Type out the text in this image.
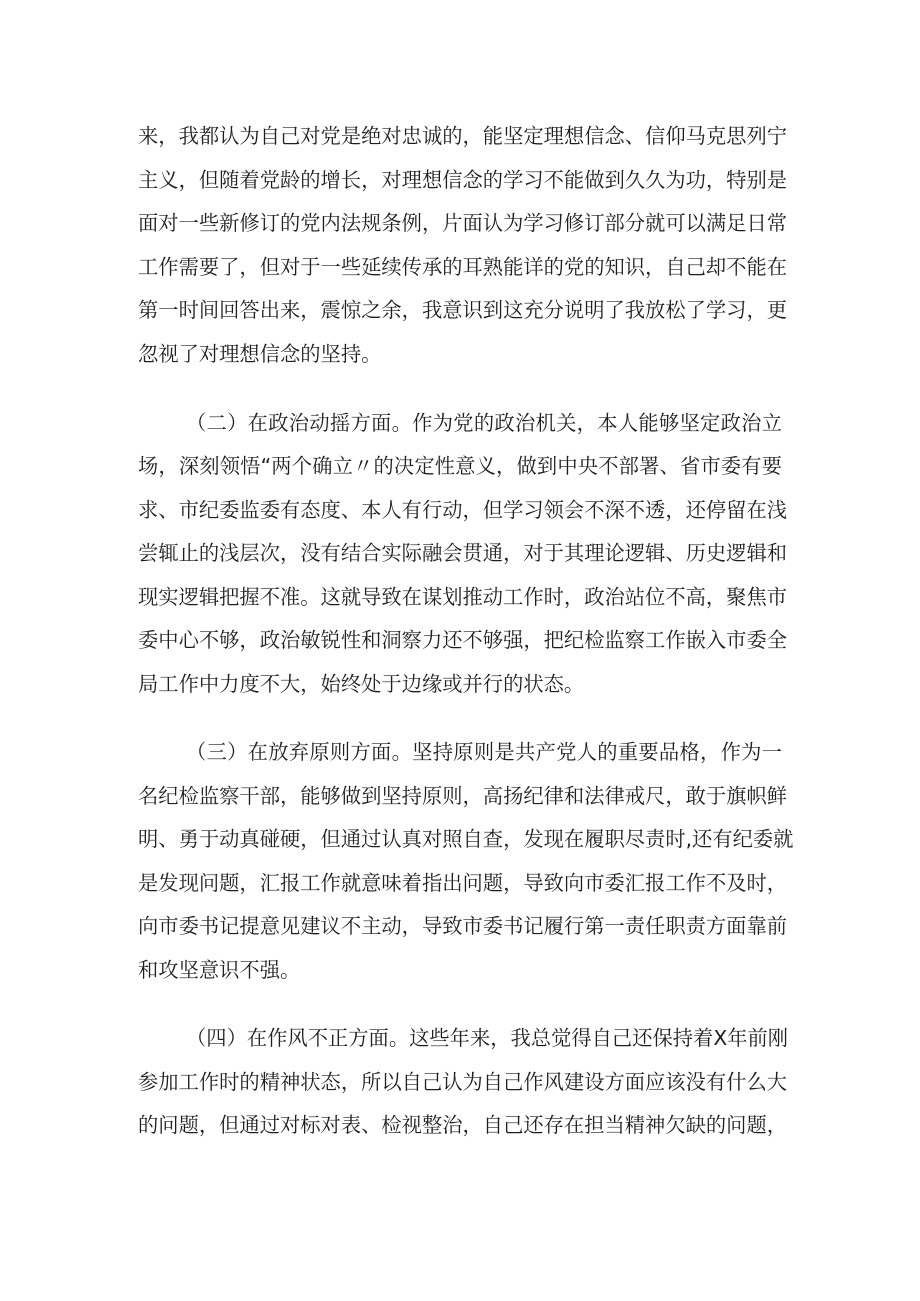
来，我都认为自己对党是绝对忠诚的，能坚定理想信念、信仰马克思列宁
主义，但随着党龄的增长，对理想信念的学习不能做到久久为功，特别是
面对一些新修订的党内法规条例，片面认为学习修订部分就可以满足日常
工作需要了，但对于一些延续传承的耳熟能详的党的知识，自己却不能在
第一时间回答出来，震惊之余，我意识到这充分说明了我放松了学习，更
忽视了对理想信念的坚持。
（二）在政治动摇方面。作为党的政治机关，本人能够坚定政治立
场，深刻领悟“两个确立〃的决定性意义，做到中央不部署、省市委有要
求、市纪委监委有态度、本人有行动，但学习领会不深不透，还停留在浅
尝辄止的浅层次，没有结合实际融会贯通，对于其理论逻辑、历史逻辑和
现实逻辑把握不准。这就导致在谋划推动工作时，政治站位不高，聚焦市
委中心不够，政治敏锐性和洞察力还不够强，把纪检监察工作嵌入市委全
局工作中力度不大，始终处于边缘或并行的状态。
（三）在放弃原则方面。坚持原则是共产党人的重要品格，作为一
名纪检监察干部，能够做到坚持原则，高扬纪律和法律戒尺，敢于旗帜鲜
明、勇于动真碰硬，但通过认真对照自查，发现在履职尽责时,还有纪委就
是发现问题，汇报工作就意味着指出问题，导致向市委汇报工作不及时，
向市委书记提意见建议不主动，导致市委书记履行第一责任职责方面靠前
和攻坚意识不强。
（四）在作风不正方面。这些年来，我总觉得自己还保持着X年前刚
参加工作时的精神状态，所以自己认为自己作风建设方面应该没有什么大
的问题，但通过对标对表、检视整治，自己还存在担当精神欠缺的问题，
